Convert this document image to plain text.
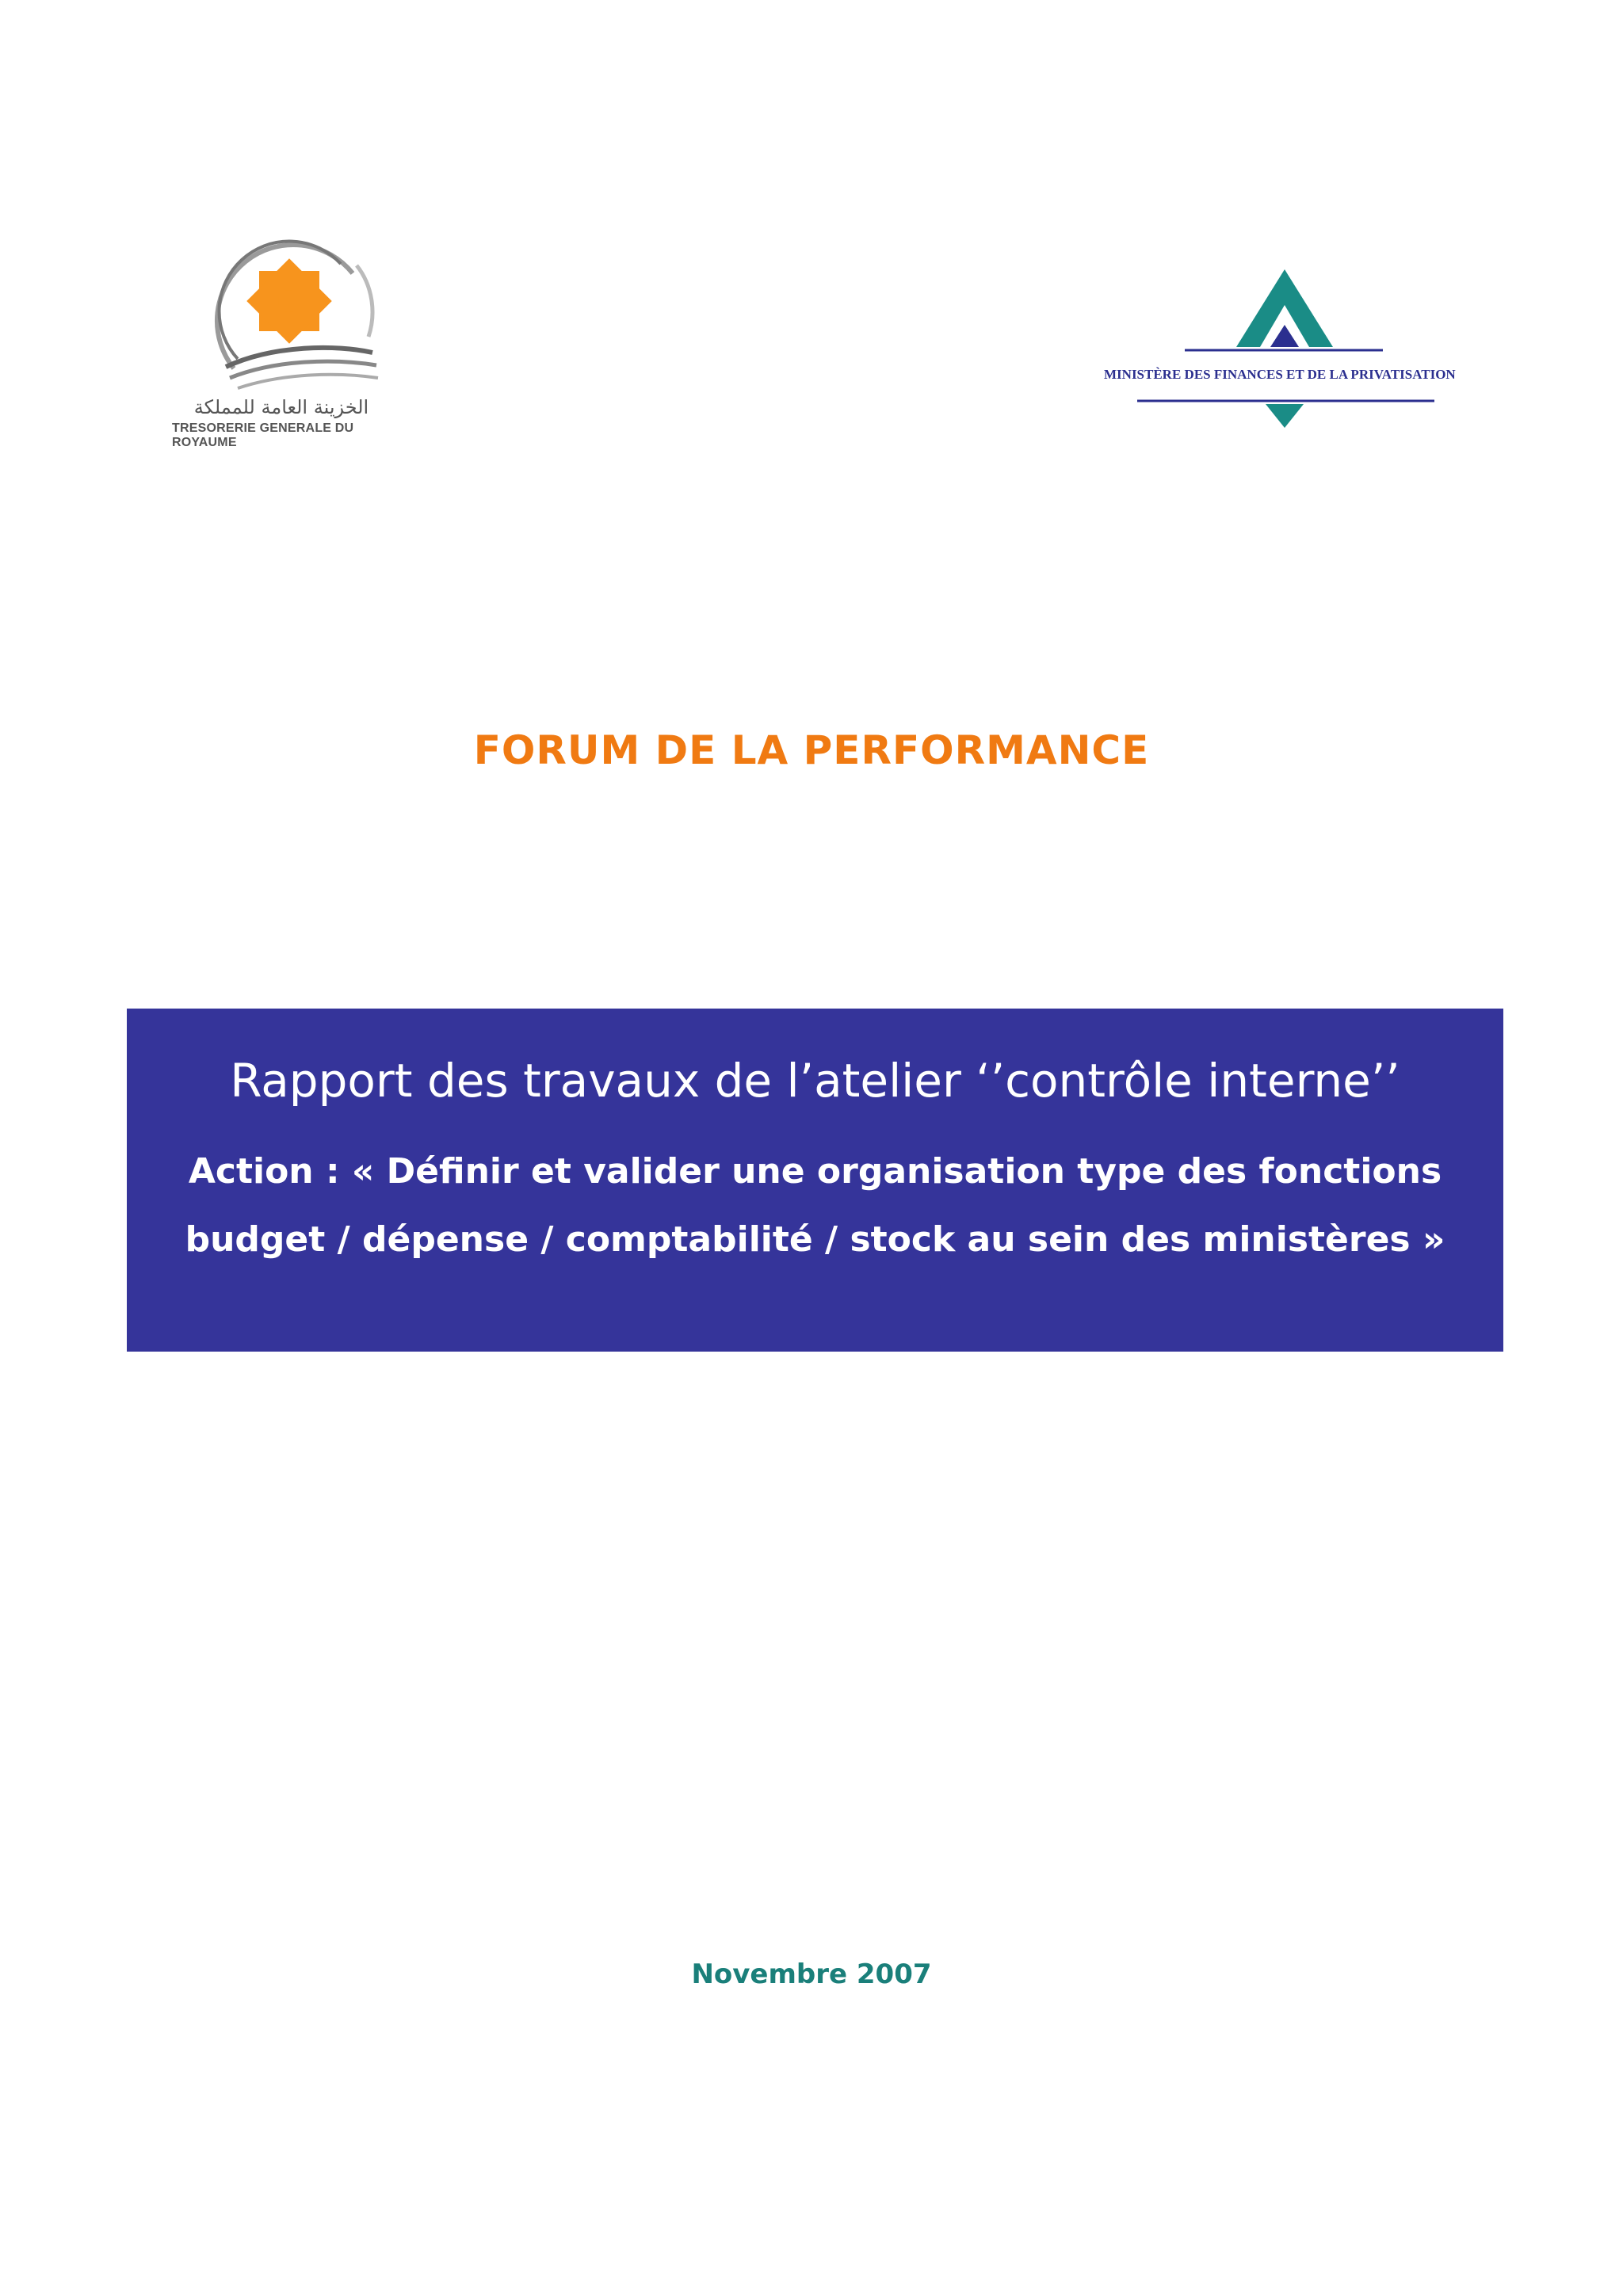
الخزينة العامة للمملكة
TRESORERIE GENERALE DU ROYAUME
MINISTÈRE DES FINANCES ET DE LA PRIVATISATION
FORUM DE LA PERFORMANCE
Rapport des travaux de l’atelier ‘’contrôle interne’’
Action : « Définir et valider une organisation type des fonctions
budget / dépense / comptabilité / stock au sein des ministères »
Novembre 2007
